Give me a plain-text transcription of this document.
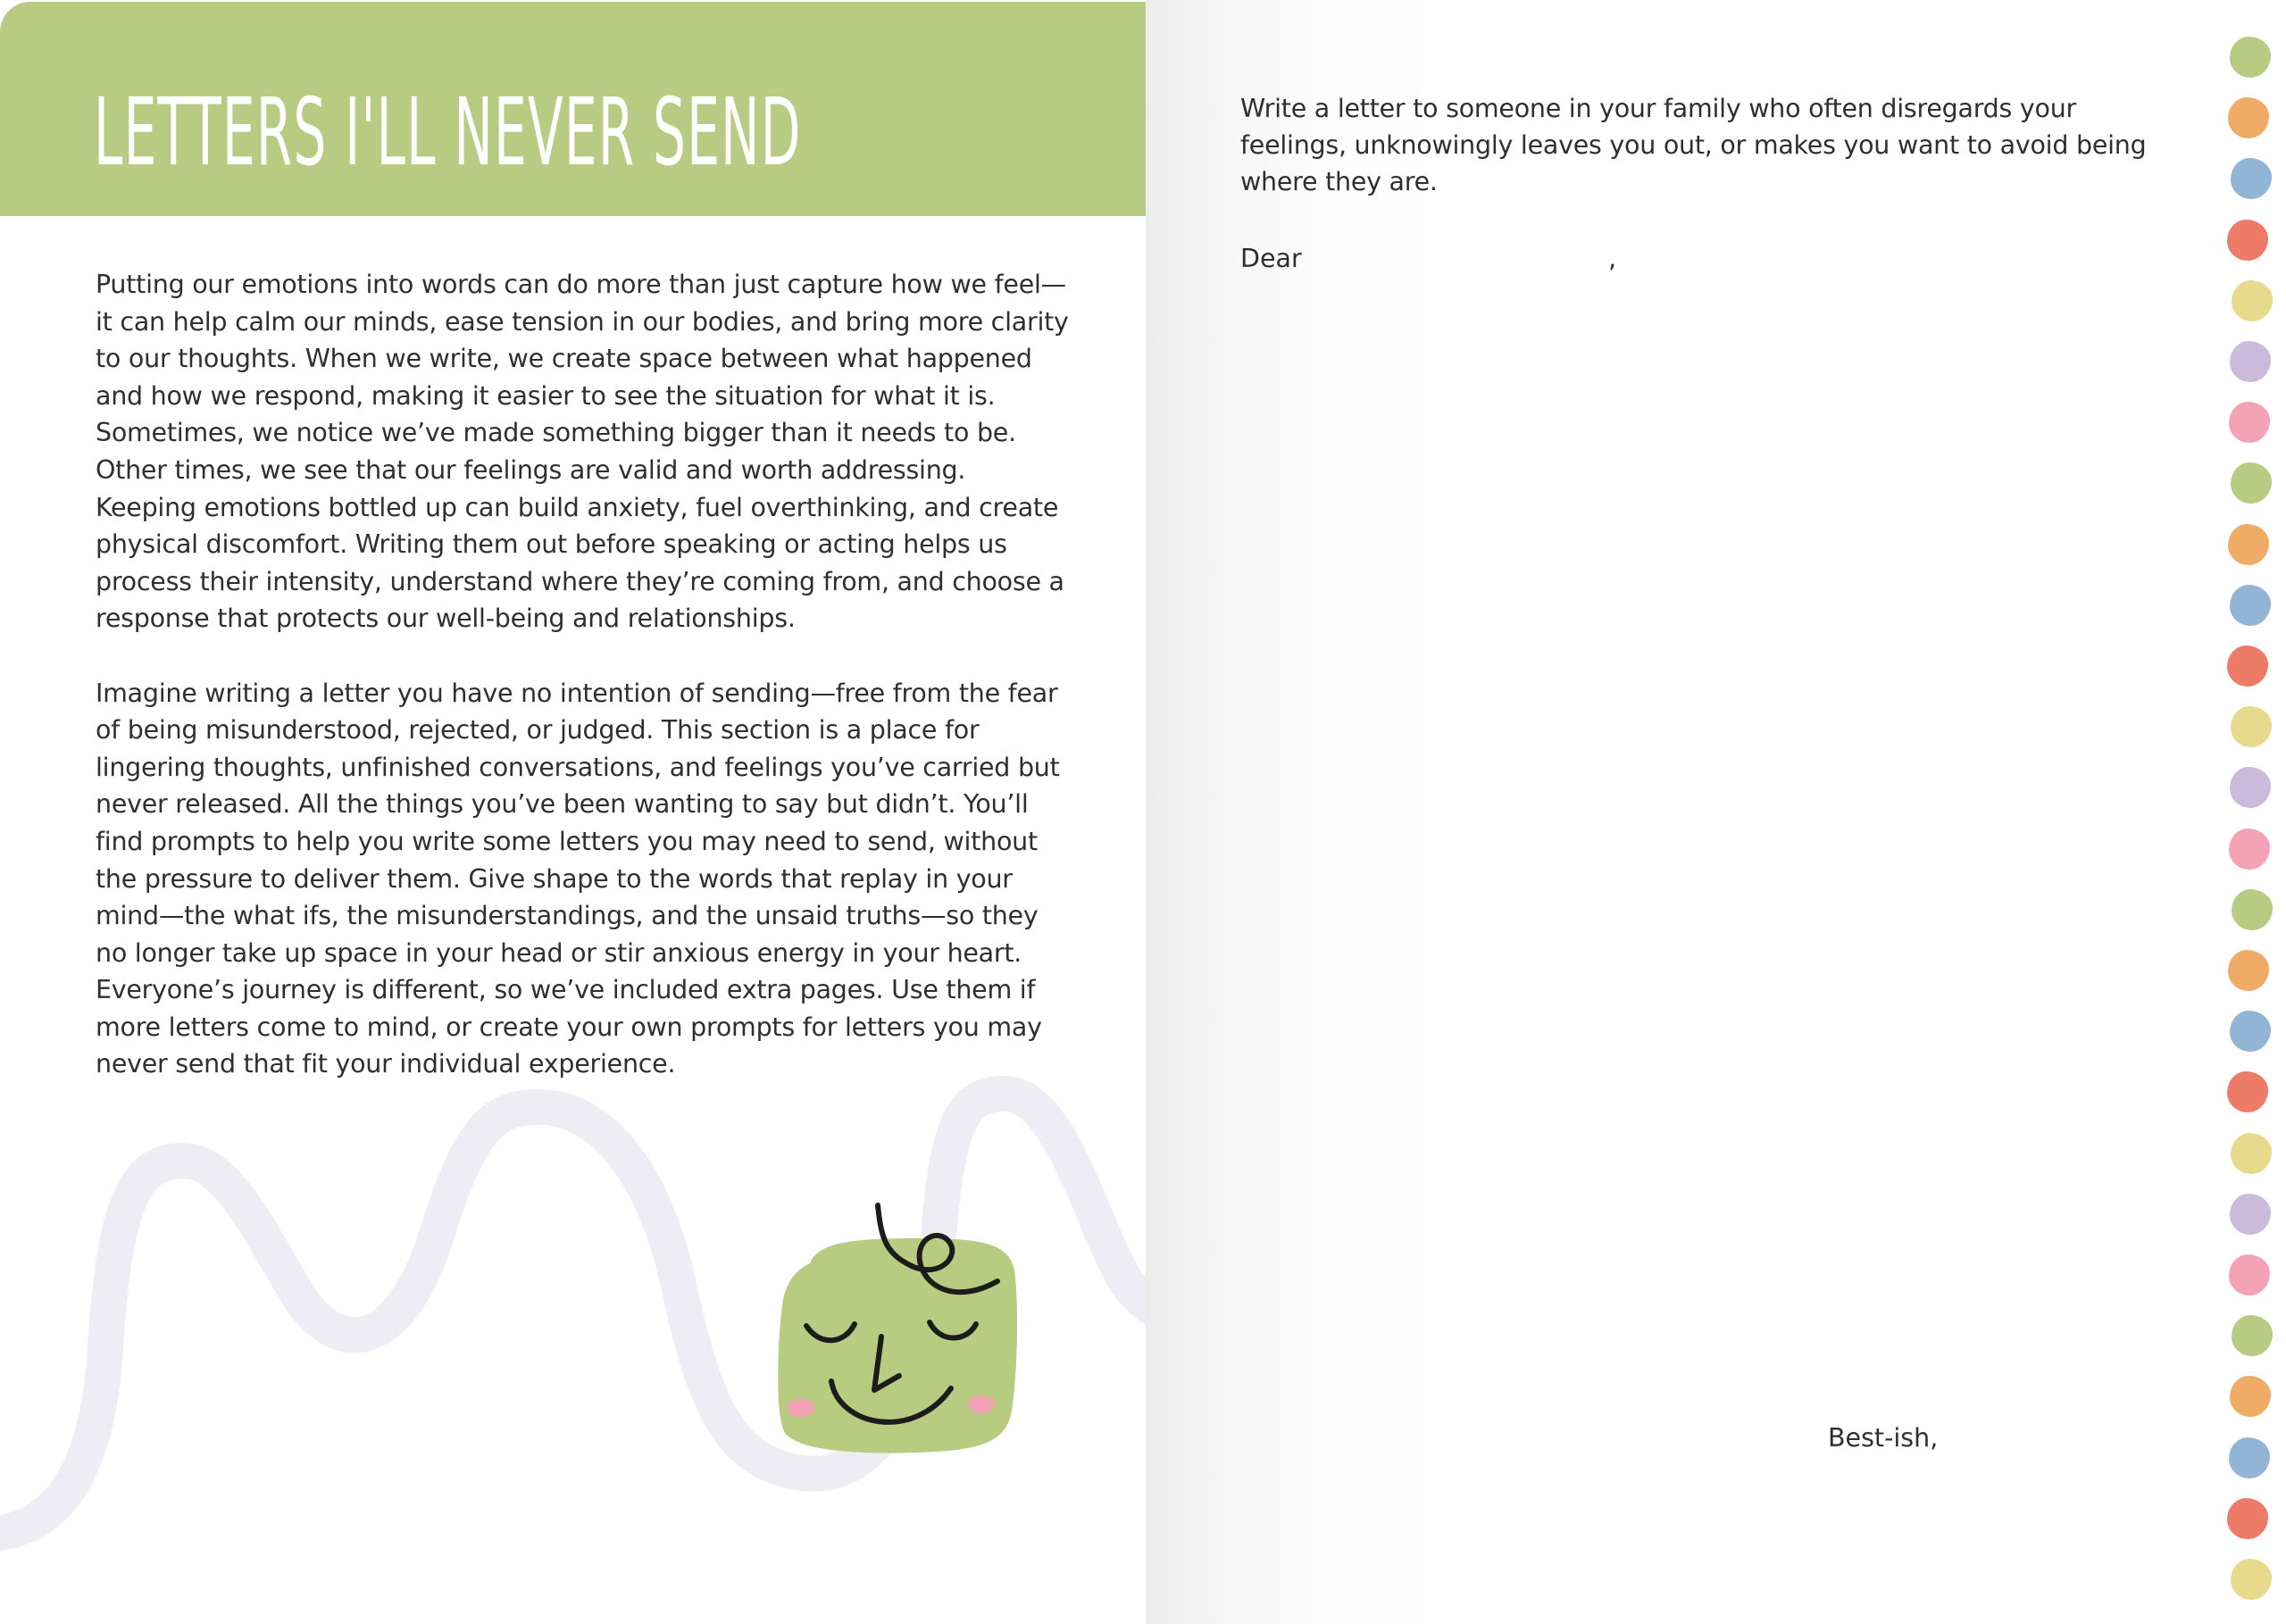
LETTERS I'LL NEVER SEND

Putting our emotions into words can do more than just capture how we feel—it can help calm our minds, ease tension in our bodies, and bring more clarity to our thoughts. When we write, we create space between what happened and how we respond, making it easier to see the situation for what it is. Sometimes, we notice we’ve made something bigger than it needs to be. Other times, we see that our feelings are valid and worth addressing. Keeping emotions bottled up can build anxiety, fuel overthinking, and create physical discomfort. Writing them out before speaking or acting helps us process their intensity, understand where they’re coming from, and choose a response that protects our well-being and relationships.

Imagine writing a letter you have no intention of sending—free from the fear of being misunderstood, rejected, or judged. This section is a place for lingering thoughts, unfinished conversations, and feelings you’ve carried but never released. All the things you’ve been wanting to say but didn’t. You’ll find prompts to help you write some letters you may need to send, without the pressure to deliver them. Give shape to the words that replay in your mind—the what ifs, the misunderstandings, and the unsaid truths—so they no longer take up space in your head or stir anxious energy in your heart. Everyone’s journey is different, so we’ve included extra pages. Use them if more letters come to mind, or create your own prompts for letters you may never send that fit your individual experience.

Write a letter to someone in your family who often disregards your feelings, unknowingly leaves you out, or makes you want to avoid being where they are.

Dear	,
Best-ish,
